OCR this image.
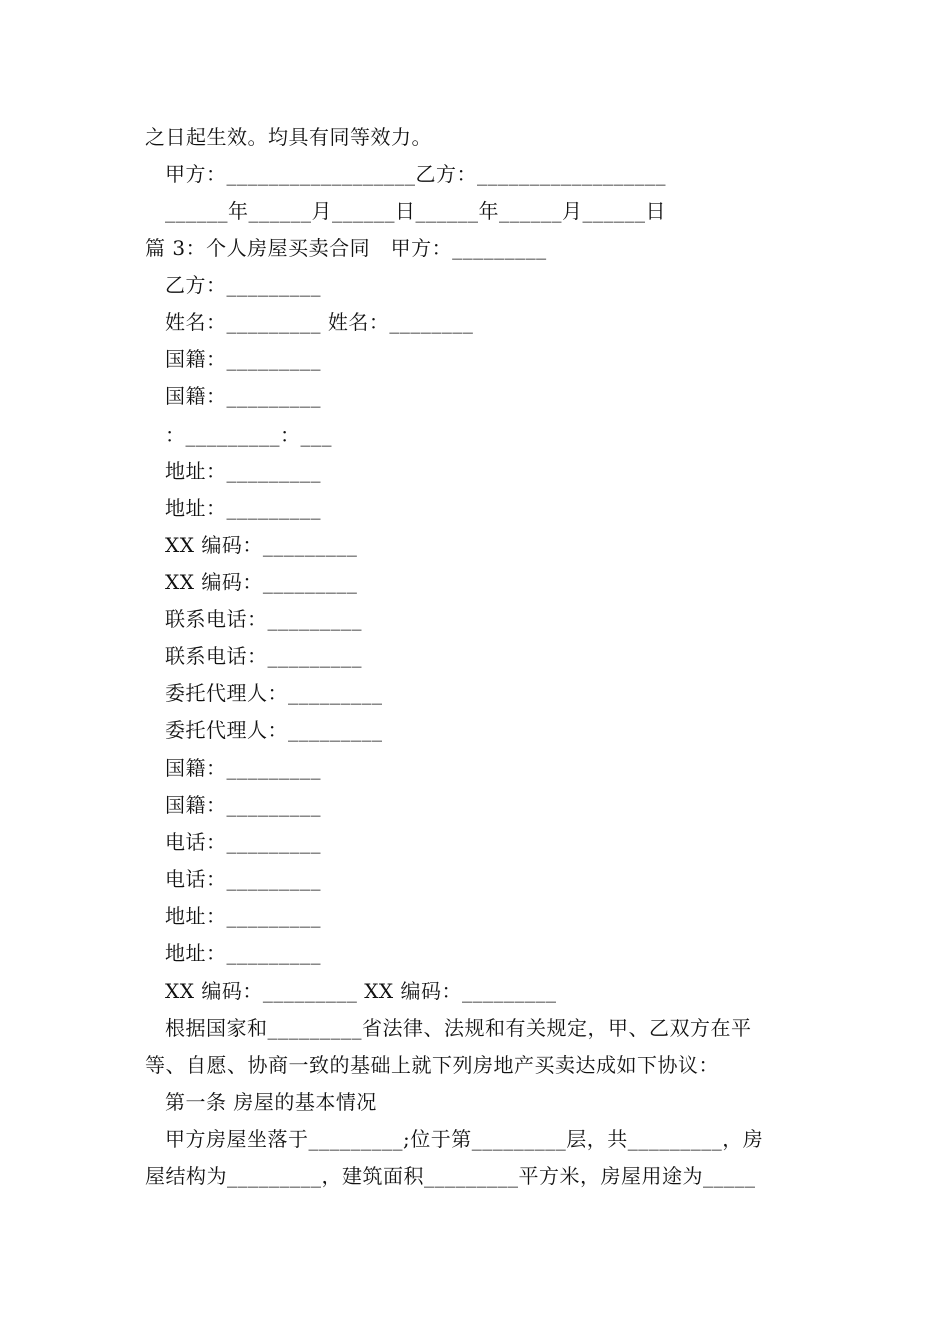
之日起生效。均具有同等效力。
甲方：__________________乙方：__________________
______年______月______日______年______月______日
篇 3：个人房屋买卖合同   甲方：_________
乙方：_________
姓名：_________ 姓名：________
国籍：_________
国籍：_________
：_________：___
地址：_________
地址：_________
XX 编码：_________
XX 编码：_________
联系电话：_________
联系电话：_________
委托代理人：_________
委托代理人：_________
国籍：_________
国籍：_________
电话：_________
电话：_________
地址：_________
地址：_________
XX 编码：_________ XX 编码：_________
根据国家和_________省法律、法规和有关规定，甲、乙双方在平
等、自愿、协商一致的基础上就下列房地产买卖达成如下协议：
第一条 房屋的基本情况
甲方房屋坐落于_________;位于第_________层，共_________，房
屋结构为_________，建筑面积_________平方米，房屋用途为_____
